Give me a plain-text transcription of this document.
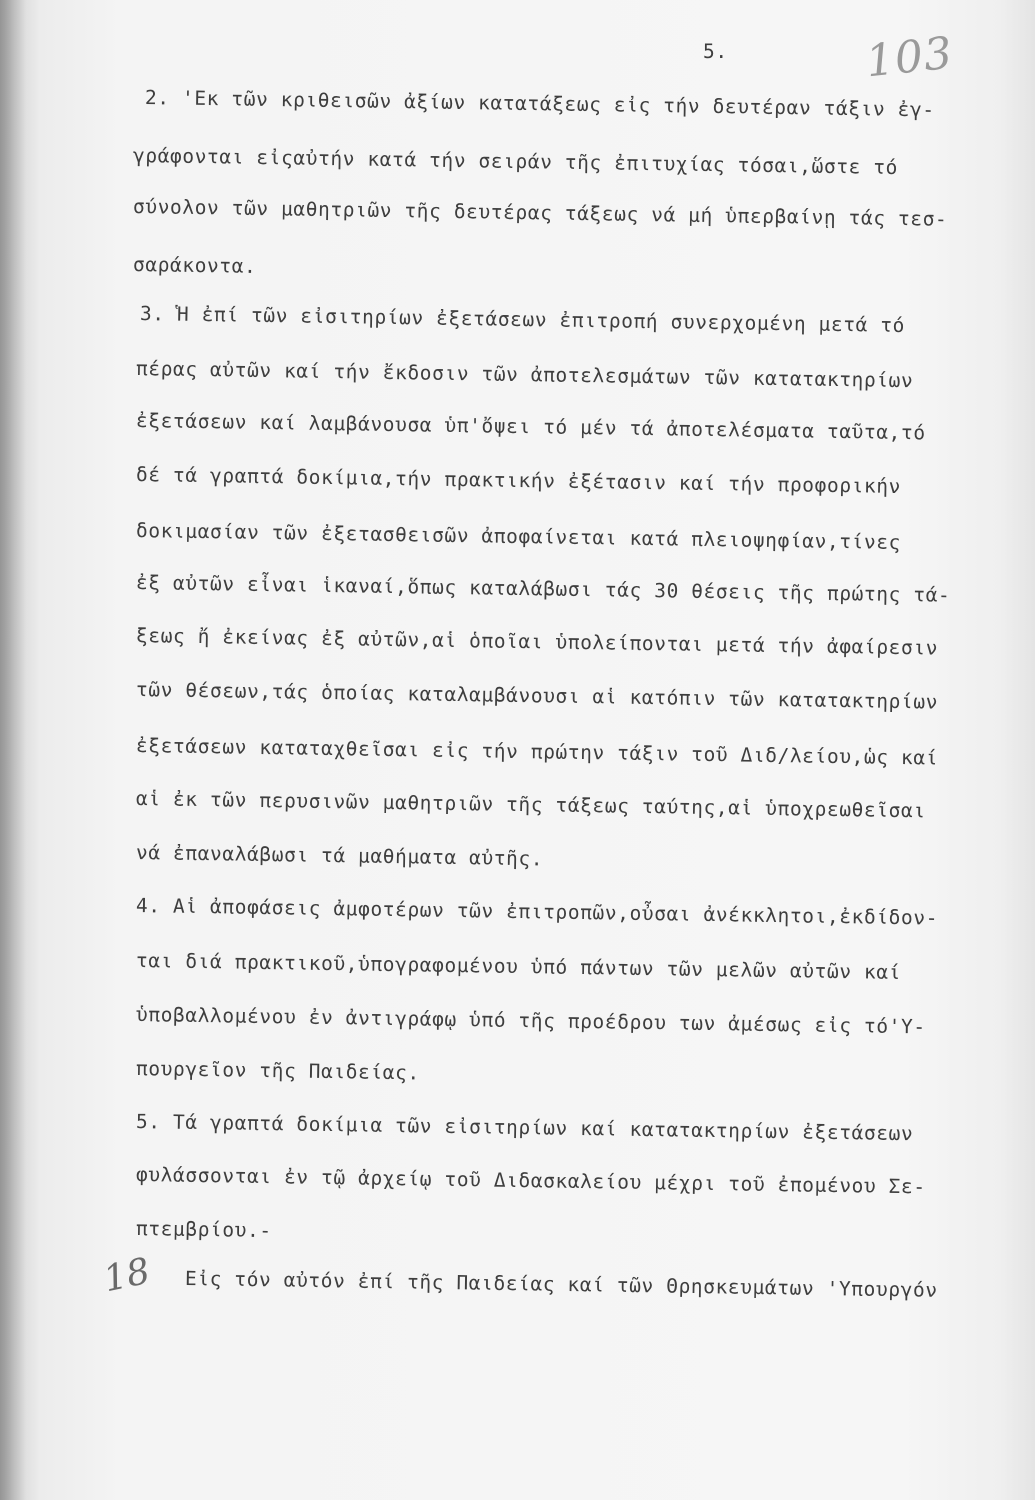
5.	103
18
2. 'Εκ τῶν κριθεισῶν ἀξίων κατατάξεως εἰς τήν δευτέραν τάξιν ἐγ-
γράφονται εἰςαὐτήν κατά τήν σειράν τῆς ἐπιτυχίας τόσαι,ὥστε τό
σύνολον τῶν μαθητριῶν τῆς δευτέρας τάξεως νά μή ὑπερβαίνῃ τάς τεσ-
σαράκοντα.
3. Ἡ ἐπί τῶν εἰσιτηρίων ἐξετάσεων ἐπιτροπή συνερχομένη μετά τό
πέρας αὐτῶν καί τήν ἔκδοσιν τῶν ἀποτελεσμάτων τῶν κατατακτηρίων
ἐξετάσεων καί λαμβάνουσα ὑπ'ὄψει τό μέν τά ἀποτελέσματα ταῦτα,τό
δέ τά γραπτά δοκίμια,τήν πρακτικήν ἐξέτασιν καί τήν προφορικήν
δοκιμασίαν τῶν ἐξετασθεισῶν ἀποφαίνεται κατά πλειοψηφίαν,τίνες
ἐξ αὐτῶν εἶναι ἱκαναί,ὅπως καταλάβωσι τάς 30 θέσεις τῆς πρώτης τά-
ξεως ἤ ἐκείνας ἐξ αὐτῶν,αἱ ὁποῖαι ὑπολείπονται μετά τήν ἀφαίρεσιν
τῶν θέσεων,τάς ὁποίας καταλαμβάνουσι αἱ κατόπιν τῶν κατατακτηρίων
ἐξετάσεων καταταχθεῖσαι εἰς τήν πρώτην τάξιν τοῦ Διδ/λείου,ὡς καί
αἱ ἐκ τῶν περυσινῶν μαθητριῶν τῆς τάξεως ταύτης,αἱ ὑποχρεωθεῖσαι
νά ἐπαναλάβωσι τά μαθήματα αὐτῆς.
4. Αἱ ἀποφάσεις ἀμφοτέρων τῶν ἐπιτροπῶν,οὖσαι ἀνέκκλητοι,ἐκδίδον-
ται διά πρακτικοῦ,ὑπογραφομένου ὑπό πάντων τῶν μελῶν αὐτῶν καί
ὑποβαλλομένου ἐν ἀντιγράφῳ ὑπό τῆς προέδρου των ἀμέσως εἰς τό'Υ-
πουργεῖον τῆς Παιδείας.
5. Τά γραπτά δοκίμια τῶν εἰσιτηρίων καί κατατακτηρίων ἐξετάσεων
φυλάσσονται ἐν τῷ ἀρχείῳ τοῦ Διδασκαλείου μέχρι τοῦ ἐπομένου Σε-
πτεμβρίου.-
Εἰς τόν αὐτόν ἐπί τῆς Παιδείας καί τῶν Θρησκευμάτων 'Υπουργόν
